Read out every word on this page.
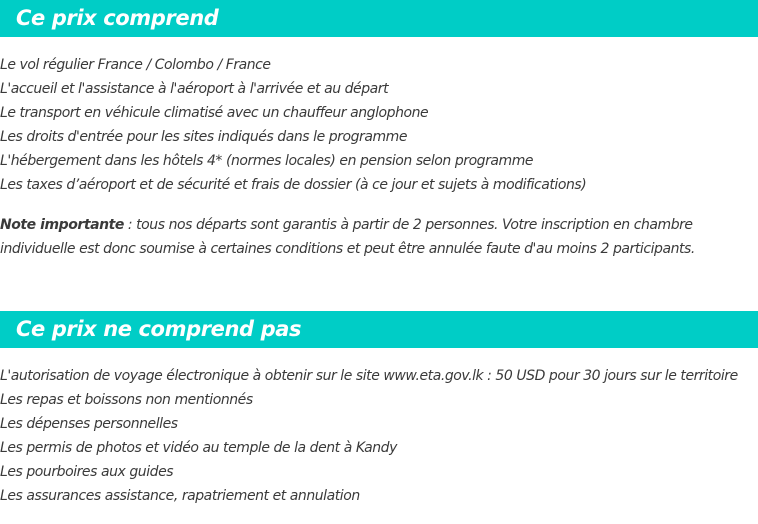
Ce prix comprend
Le vol régulier France / Colombo / France
L'accueil et l'assistance à l'aéroport à l'arrivée et au départ
Le transport en véhicule climatisé avec un chauffeur anglophone
Les droits d'entrée pour les sites indiqués dans le programme
L'hébergement dans les hôtels 4* (normes locales) en pension selon programme
Les taxes d’aéroport et de sécurité et frais de dossier (à ce jour et sujets à modifications)

Note importante : tous nos départs sont garantis à partir de 2 personnes. Votre inscription en chambre individuelle est donc soumise à certaines conditions et peut être annulée faute d'au moins 2 participants.

Ce prix ne comprend pas
L'autorisation de voyage électronique à obtenir sur le site www.eta.gov.lk : 50 USD pour 30 jours sur le territoire
Les repas et boissons non mentionnés
Les dépenses personnelles
Les permis de photos et vidéo au temple de la dent à Kandy
Les pourboires aux guides
Les assurances assistance, rapatriement et annulation
